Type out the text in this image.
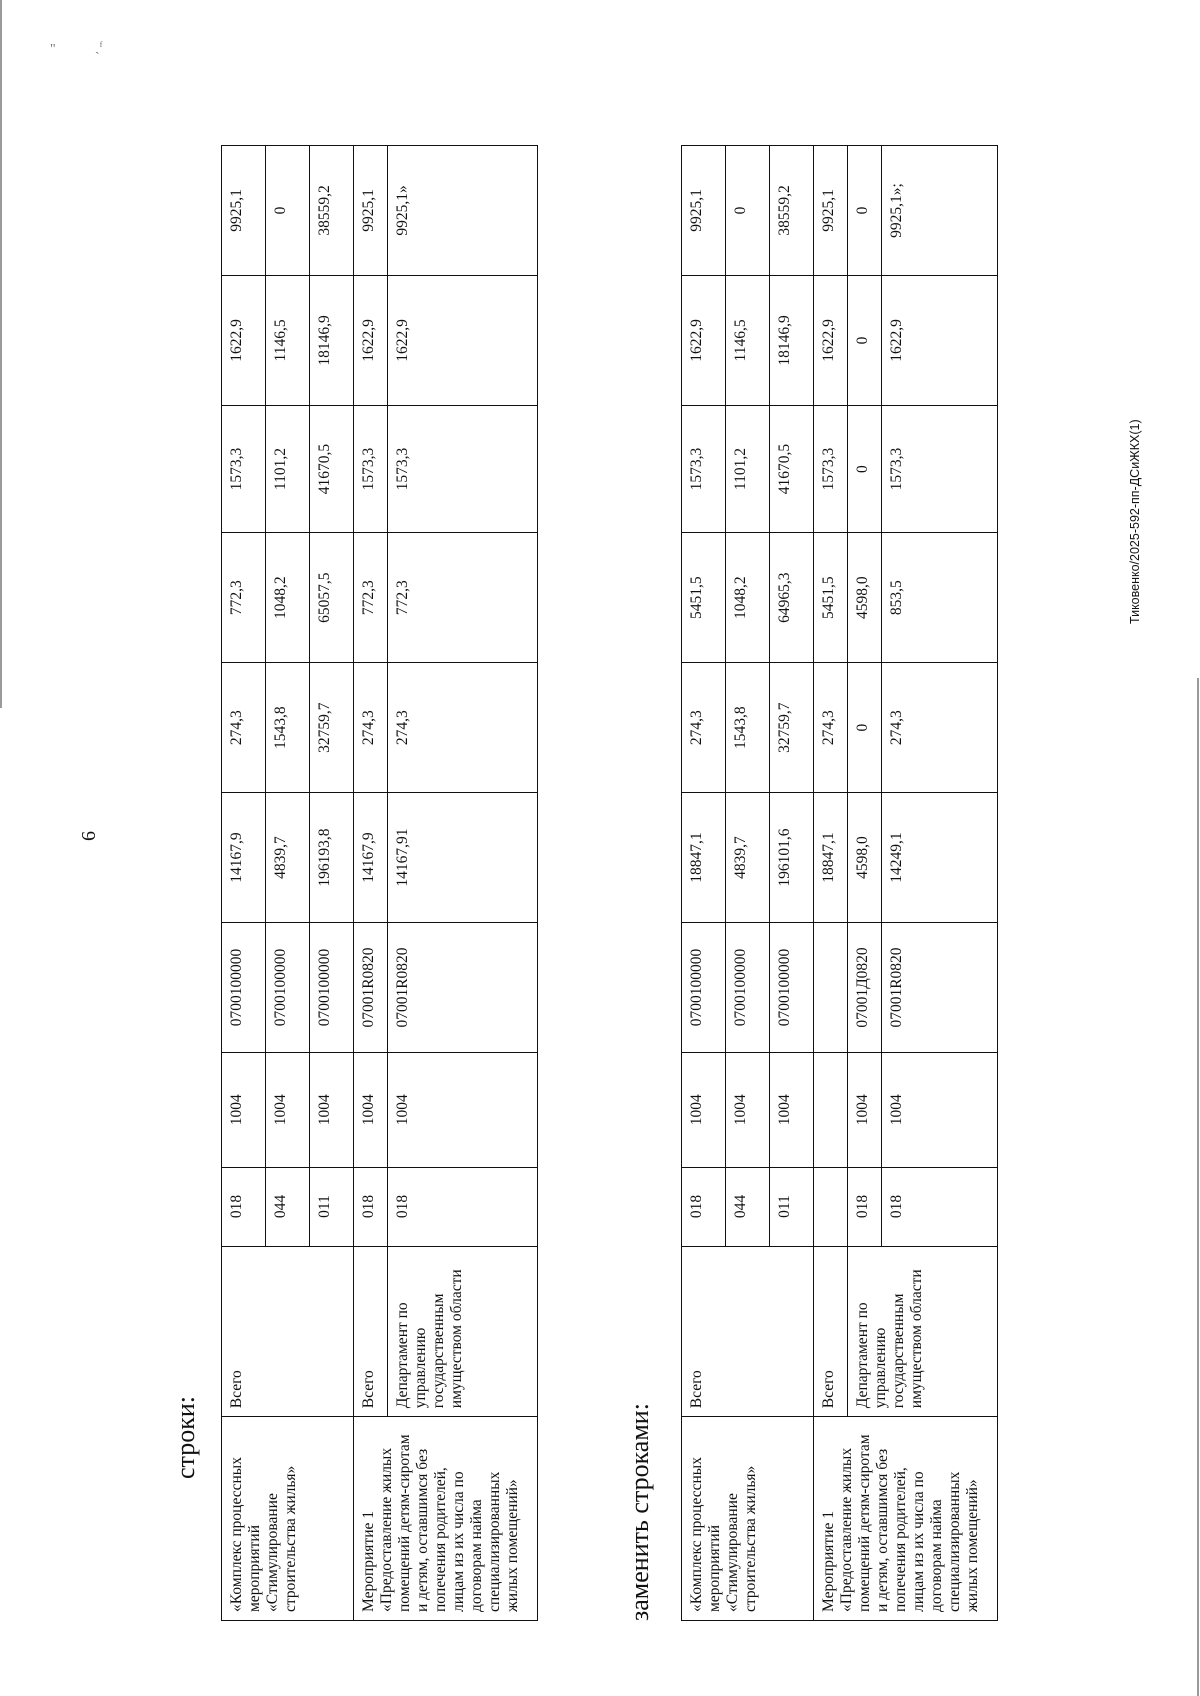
"	ˎᶠ
Тиковенко/2025-592-пп-ДСиЖКХ(1)
6
строки:
«Комплекс процессных мероприятий «Стимулирование строительства жилья»	Всего	018	1004	0700100000	14167,9	274,3	772,3	1573,3	1622,9	9925,1
		044	1004	0700100000	4839,7	1543,8	1048,2	1101,2	1146,5	0
		011	1004	0700100000	196193,8	32759,7	65057,5	41670,5	18146,9	38559,2
Мероприятие 1 «Предоставление жилых помещений детям-сиротам и детям, оставшимся без попечения родителей, лицам из их числа по договорам найма специализированных жилых помещений»	Всего	018	1004	07001R0820	14167,9	274,3	772,3	1573,3	1622,9	9925,1
	Департамент по управлению государственным имуществом области	018	1004	07001R0820	14167,91	274,3	772,3	1573,3	1622,9	9925,1»
заменить строками: «Комплекс процессных мероприятий «Стимулирование строительства жилья»	Всего	018	1004	0700100000	18847,1	274,3	5451,5	1573,3	1622,9	9925,1
		044	1004	0700100000	4839,7	1543,8	1048,2	1101,2	1146,5	0
		011	1004	0700100000	196101,6	32759,7	64965,3	41670,5	18146,9	38559,2
Мероприятие 1 «Предоставление жилых помещений детям-сиротам и детям, оставшимся без попечения родителей, лицам из их числа по договорам найма специализированных жилых помещений»	Всего				18847,1	274,3	5451,5	1573,3	1622,9	9925,1
	Департамент по управлению государственным имуществом области	018	1004	07001Д0820	4598,0	0	4598,0	0	0	0
		018	1004	07001R0820	14249,1	274,3	853,5	1573,3	1622,9	9925,1»;
